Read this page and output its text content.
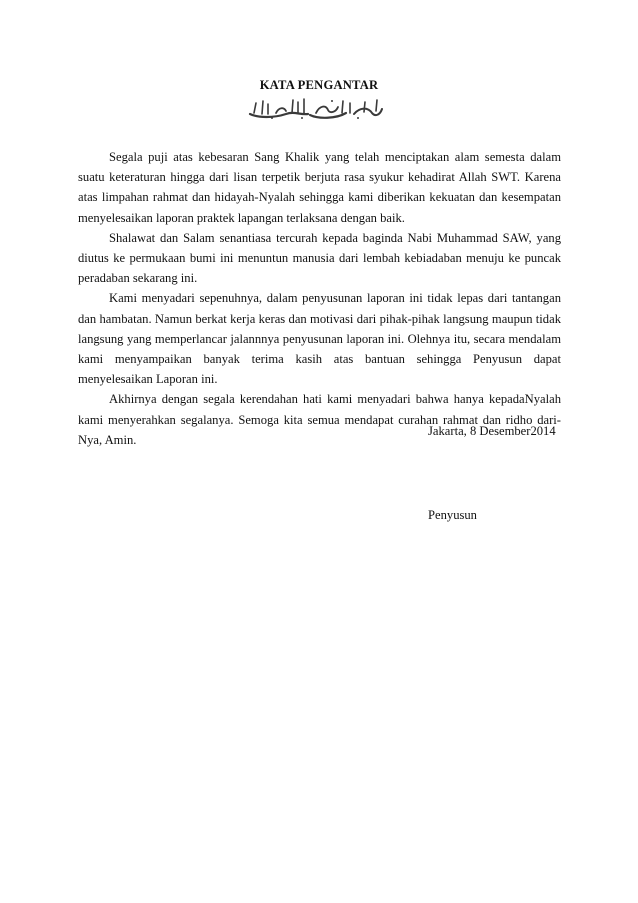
KATA PENGANTAR

Segala puji atas kebesaran Sang Khalik yang telah menciptakan alam semesta dalam suatu keteraturan hingga dari lisan terpetik berjuta rasa syukur kehadirat Allah SWT. Karena atas limpahan rahmat dan hidayah-Nyalah sehingga kami diberikan kekuatan dan kesempatan menyelesaikan laporan praktek lapangan terlaksana dengan baik.

Shalawat dan Salam senantiasa tercurah kepada baginda Nabi Muhammad SAW, yang diutus ke permukaan bumi ini menuntun manusia dari lembah kebiadaban menuju ke puncak peradaban sekarang ini.

Kami menyadari sepenuhnya, dalam penyusunan laporan ini tidak lepas dari tantangan dan hambatan. Namun berkat kerja keras dan motivasi dari pihak-pihak langsung maupun tidak langsung yang memperlancar jalannnya penyusunan laporan ini. Olehnya itu, secara mendalam kami menyampaikan banyak terima kasih atas bantuan sehingga Penyusun dapat menyelesaikan Laporan ini.

Akhirnya dengan segala kerendahan hati kami menyadari bahwa hanya kepadaNyalah kami menyerahkan segalanya. Semoga kita semua mendapat curahan rahmat dan ridho dari-Nya, Amin.

Jakarta, 8 Desember2014
Penyusun
